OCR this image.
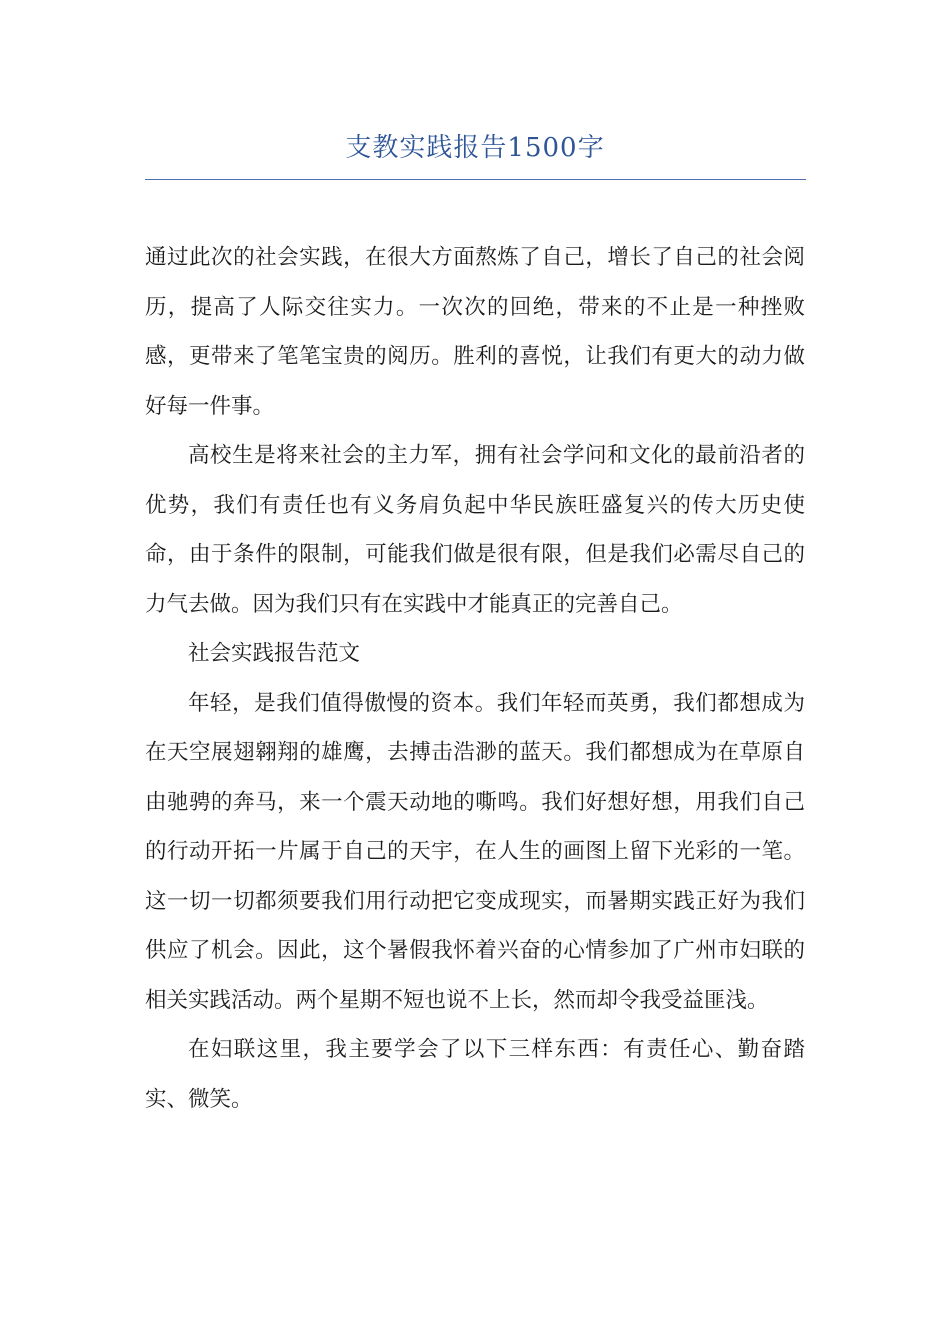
支教实践报告1500字

通过此次的社会实践，在很大方面熬炼了自己，增长了自己的社会阅历，提高了人际交往实力。一次次的回绝，带来的不止是一种挫败感，更带来了笔笔宝贵的阅历。胜利的喜悦，让我们有更大的动力做好每一件事。

高校生是将来社会的主力军，拥有社会学问和文化的最前沿者的优势，我们有责任也有义务肩负起中华民族旺盛复兴的传大历史使命，由于条件的限制，可能我们做是很有限，但是我们必需尽自己的力气去做。因为我们只有在实践中才能真正的完善自己。

社会实践报告范文

年轻，是我们值得傲慢的资本。我们年轻而英勇，我们都想成为在天空展翅翱翔的雄鹰，去搏击浩渺的蓝天。我们都想成为在草原自由驰骋的奔马，来一个震天动地的嘶鸣。我们好想好想，用我们自己的行动开拓一片属于自己的天宇，在人生的画图上留下光彩的一笔。这一切一切都须要我们用行动把它变成现实，而暑期实践正好为我们供应了机会。因此，这个暑假我怀着兴奋的心情参加了广州市妇联的相关实践活动。两个星期不短也说不上长，然而却令我受益匪浅。

在妇联这里，我主要学会了以下三样东西：有责任心、勤奋踏实、微笑。
